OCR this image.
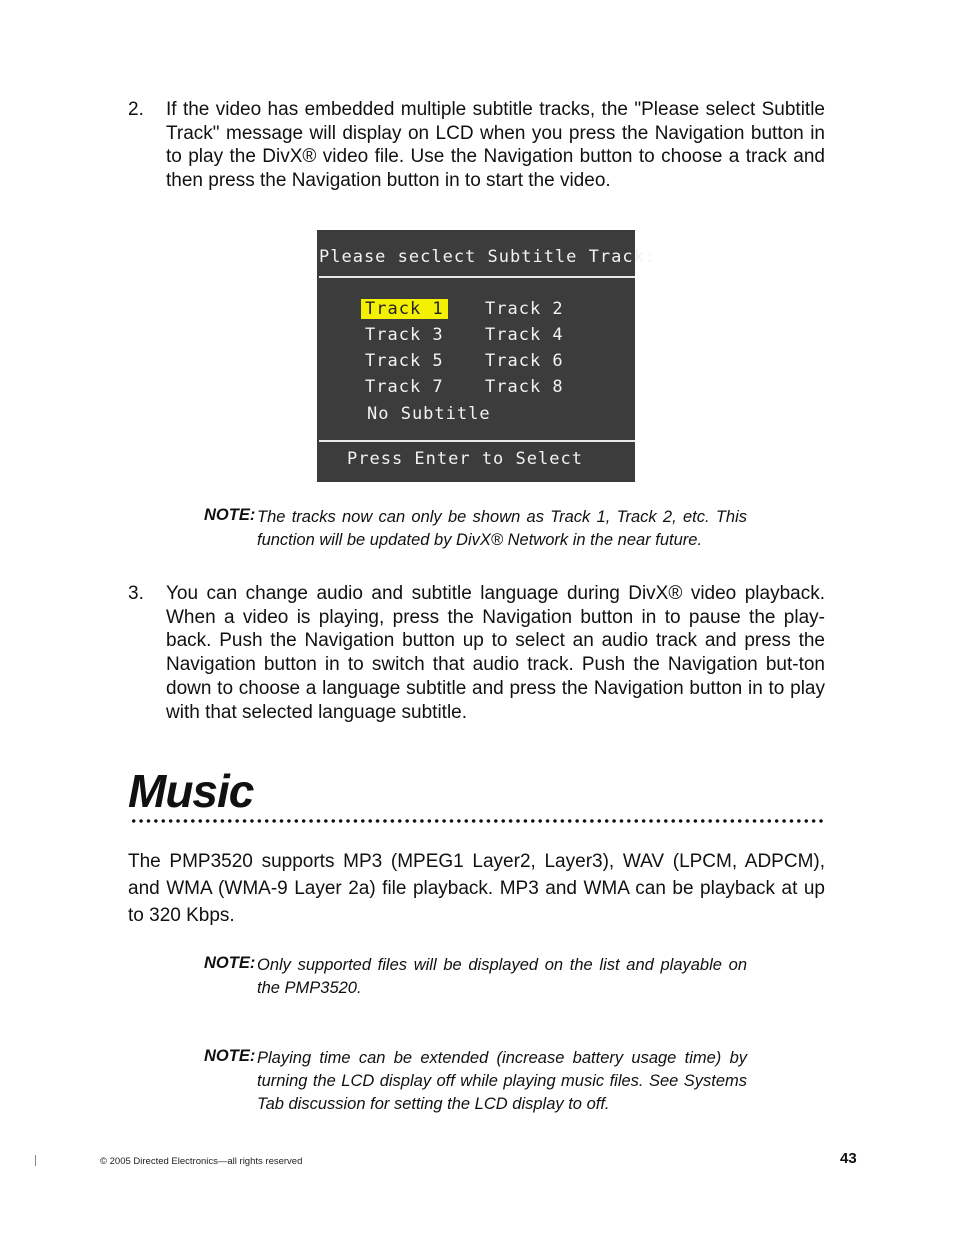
2. If the video has embedded multiple subtitle tracks, the "Please select Subtitle Track" message will display on LCD when you press the Navigation button in to play the DivX® video file. Use the Navigation button to choose a track and then press the Navigation button in to start the video.
Please seclect Subtitle Track:
Track 1 Track 2
Track 3 Track 4
Track 5 Track 6
Track 7 Track 8
No Subtitle
Press Enter to Select
NOTE: The tracks now can only be shown as Track 1, Track 2, etc. This function will be updated by DivX® Network in the near future.
3. You can change audio and subtitle language during DivX® video playback. When a video is playing, press the Navigation button in to pause the play-back. Push the Navigation button up to select an audio track and press the Navigation button in to switch that audio track. Push the Navigation but-ton down to choose a language subtitle and press the Navigation button in to play with that selected language subtitle.
Music
The PMP3520 supports MP3 (MPEG1 Layer2, Layer3), WAV (LPCM, ADPCM), and WMA (WMA-9 Layer 2a) file playback. MP3 and WMA can be playback at up to 320 Kbps.
NOTE: Only supported files will be displayed on the list and playable on the PMP3520.
NOTE: Playing time can be extended (increase battery usage time) by turning the LCD display off while playing music files. See Systems Tab discussion for setting the LCD display to off.
© 2005 Directed Electronics—all rights reserved	43
